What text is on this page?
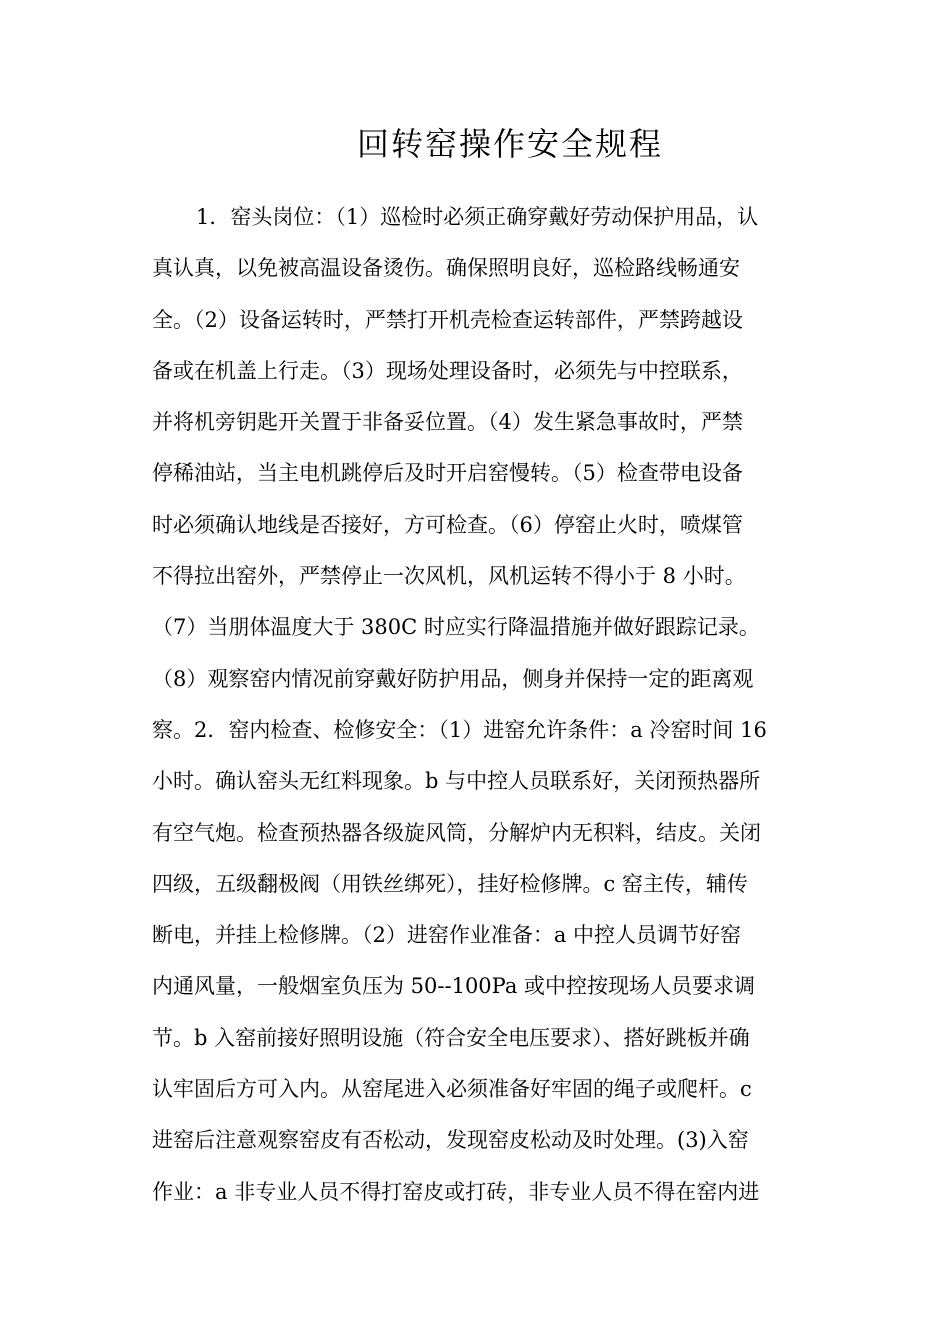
回转窑操作安全规程
1．窑头岗位：（1）巡检时必须正确穿戴好劳动保护用品，认
真认真，以免被高温设备烫伤。确保照明良好，巡检路线畅通安
全。（2）设备运转时，严禁打开机壳检查运转部件，严禁跨越设
备或在机盖上行走。（3）现场处理设备时，必须先与中控联系，
并将机旁钥匙开关置于非备妥位置。（4）发生紧急事故时，严禁
停稀油站，当主电机跳停后及时开启窑慢转。（5）检查带电设备
时必须确认地线是否接好，方可检查。（6）停窑止火时，喷煤管
不得拉出窑外，严禁停止一次风机，风机运转不得小于 8 小时。
（7）当朋体温度大于 380C 时应实行降温措施并做好跟踪记录。
（8）观察窑内情况前穿戴好防护用品，侧身并保持一定的距离观
察。2．窑内检查、检修安全：（1）进窑允许条件：a 冷窑时间 16
小时。确认窑头无红料现象。b 与中控人员联系好，关闭预热器所
有空气炮。检查预热器各级旋风筒，分解炉内无积料，结皮。关闭
四级，五级翻极阀（用铁丝绑死），挂好检修牌。c 窑主传，辅传
断电，并挂上检修牌。（2）进窑作业准备：a 中控人员调节好窑
内通风量，一般烟室负压为 50--100Pa 或中控按现场人员要求调
节。b 入窑前接好照明设施（符合安全电压要求）、搭好跳板并确
认牢固后方可入内。从窑尾进入必须准备好牢固的绳子或爬杆。c
进窑后注意观察窑皮有否松动，发现窑皮松动及时处理。(3)入窑
作业：a 非专业人员不得打窑皮或打砖，非专业人员不得在窑内进
